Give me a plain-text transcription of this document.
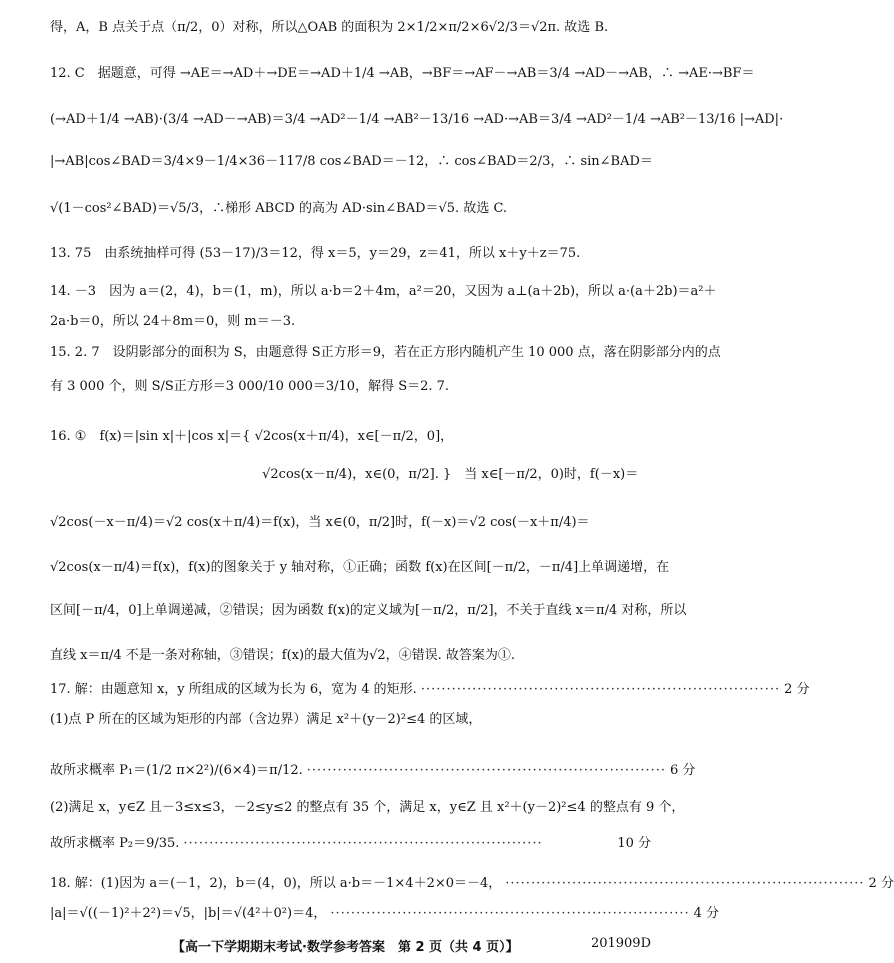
得，A，B 点关于点（π/2，0）对称，所以△OAB 的面积为 2×1/2×π/2×6√2/3＝√2π. 故选 B.
12. C　据题意，可得 →AE＝→AD＋→DE＝→AD＋1/4 →AB，→BF＝→AF－→AB＝3/4 →AD－→AB，∴ →AE·→BF＝
(→AD＋1/4 →AB)·(3/4 →AD－→AB)＝3/4 →AD²－1/4 →AB²－13/16 →AD·→AB＝3/4 →AD²－1/4 →AB²－13/16 |→AD|·
|→AB|cos∠BAD＝3/4×9－1/4×36－117/8 cos∠BAD＝－12，∴ cos∠BAD＝2/3，∴ sin∠BAD＝
√(1－cos²∠BAD)＝√5/3，∴梯形 ABCD 的高为 AD·sin∠BAD＝√5. 故选 C.
13. 75　由系统抽样可得 (53－17)/3＝12，得 x＝5，y＝29，z＝41，所以 x＋y＋z＝75.
14. －3　因为 a＝(2，4)，b＝(1，m)，所以 a·b＝2＋4m，a²＝20，又因为 a⊥(a＋2b)，所以 a·(a＋2b)＝a²＋
2a·b＝0，所以 24＋8m＝0，则 m＝－3.
15. 2. 7　设阴影部分的面积为 S，由题意得 S正方形＝9，若在正方形内随机产生 10 000 点，落在阴影部分内的点
有 3 000 个，则 S/S正方形＝3 000/10 000＝3/10，解得 S＝2. 7.
16. ①　f(x)＝|sin x|＋|cos x|＝{ √2cos(x＋π/4)，x∈[－π/2，0]，
　　　　　　　　　　　　　　　　 √2cos(x－π/4)，x∈(0，π/2]. }　当 x∈[－π/2，0)时，f(－x)＝
√2cos(－x－π/4)＝√2 cos(x＋π/4)＝f(x)，当 x∈(0，π/2]时，f(－x)＝√2 cos(－x＋π/4)＝
√2cos(x－π/4)＝f(x)，f(x)的图象关于 y 轴对称，①正确；函数 f(x)在区间[－π/2，－π/4]上单调递增，在
区间[－π/4，0]上单调递减，②错误；因为函数 f(x)的定义域为[－π/2，π/2]，不关于直线 x＝π/4 对称，所以
直线 x＝π/4 不是一条对称轴，③错误；f(x)的最大值为√2，④错误. 故答案为①.
17. 解：由题意知 x，y 所组成的区域为长为 6，宽为 4 的矩形. ······································································ 2 分
(1)点 P 所在的区域为矩形的内部（含边界）满足 x²＋(y－2)²≤4 的区域，
故所求概率 P₁＝(1/2 π×2²)/(6×4)＝π/12. ······································································ 6 分
(2)满足 x，y∈Z 且－3≤x≤3，－2≤y≤2 的整点有 35 个，满足 x，y∈Z 且 x²＋(y－2)²≤4 的整点有 9 个，
故所求概率 P₂＝9/35. ······································································	10 分
18. 解：(1)因为 a＝(－1，2)，b＝(4，0)，所以 a·b＝－1×4＋2×0＝－4， ······································································ 2 分
|a|＝√((－1)²＋2²)＝√5，|b|＝√(4²＋0²)＝4， ······································································ 4 分
【高一下学期期末考试·数学参考答案　第 2 页（共 4 页）】	201909D
